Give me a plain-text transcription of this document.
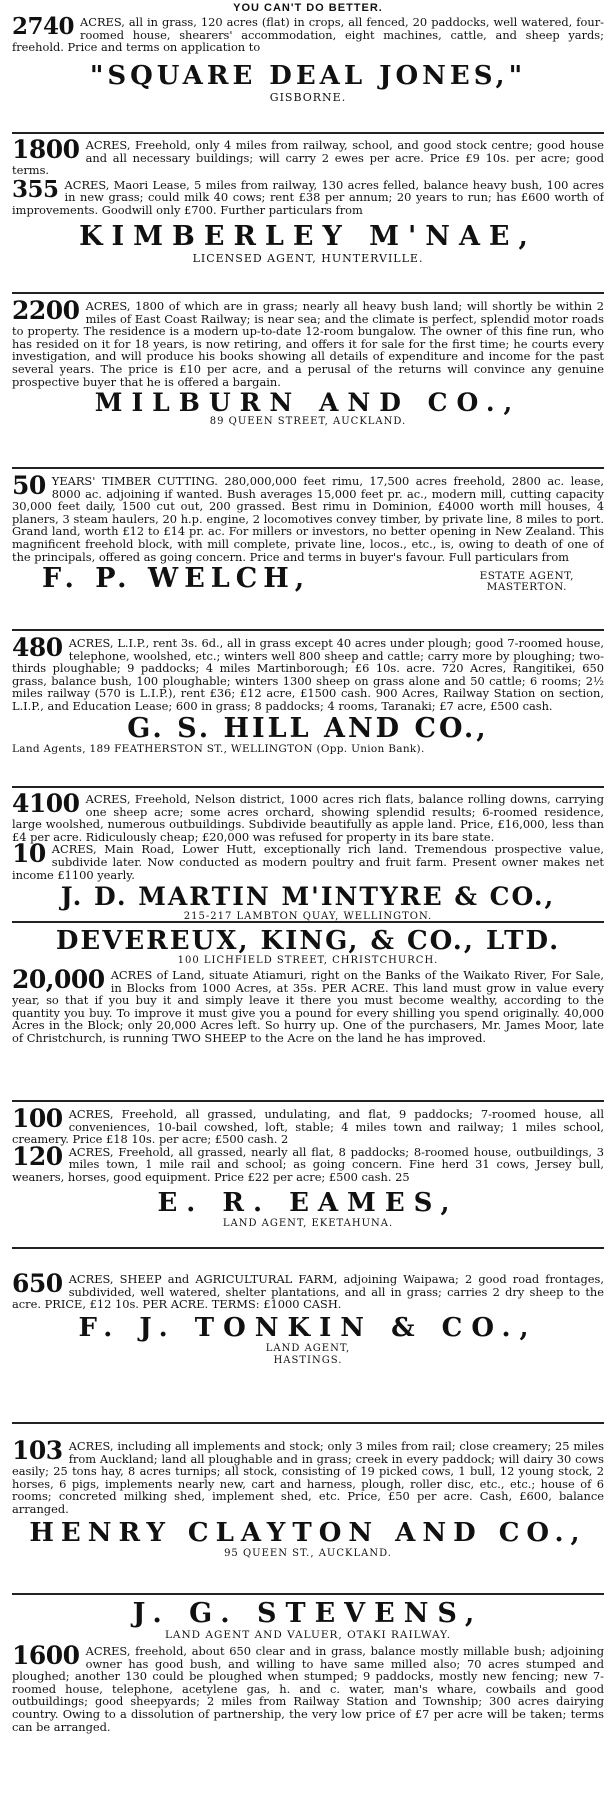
YOU CAN'T DO BETTER.
2740 ACRES, all in grass, 120 acres (flat) in crops, all fenced, 20 paddocks, well watered, four-roomed house, shearers' accommodation, eight machines, cattle, and sheep yards; freehold. Price and terms on application to
"SQUARE DEAL JONES,"
GISBORNE.
1800 ACRES, Freehold, only 4 miles from railway, school, and good stock centre; good house and all necessary buildings; will carry 2 ewes per acre. Price £9 10s. per acre; good terms.
355 ACRES, Maori Lease, 5 miles from railway, 130 acres felled, balance heavy bush, 100 acres in new grass; could milk 40 cows; rent £38 per annum; 20 years to run; has £600 worth of improvements. Goodwill only £700. Further particulars from
KIMBERLEY M'NAE,
LICENSED AGENT, HUNTERVILLE.
2200 ACRES, 1800 of which are in grass; nearly all heavy bush land; will shortly be within 2 miles of East Coast Railway; is near sea; and the climate is perfect, splendid motor roads to property. The residence is a modern up-to-date 12-room bungalow. The owner of this fine run, who has resided on it for 18 years, is now retiring, and offers it for sale for the first time; he courts every investigation, and will produce his books showing all details of expenditure and income for the past several years. The price is £10 per acre, and a perusal of the returns will convince any genuine prospective buyer that he is offered a bargain.
MILBURN AND CO.,
89 QUEEN STREET, AUCKLAND.
50 YEARS' TIMBER CUTTING. 280,000,000 feet rimu, 17,500 acres freehold, 2800 ac. lease, 8000 ac. adjoining if wanted. Bush averages 15,000 feet pr. ac., modern mill, cutting capacity 30,000 feet daily, 1500 cut out, 200 grassed. Best rimu in Dominion, £4000 worth mill houses, 4 planers, 3 steam haulers, 20 h.p. engine, 2 locomotives convey timber, by private line, 8 miles to port. Grand land, worth £12 to £14 pr. ac. For millers or investors, no better opening in New Zealand. This magnificent freehold block, with mill complete, private line, locos., etc., is, owing to death of one of the principals, offered as going concern. Price and terms in buyer's favour. Full particulars from
F. P. WELCH,	ESTATE AGENT,
MASTERTON.
480 ACRES, L.I.P., rent 3s. 6d., all in grass except 40 acres under plough; good 7-roomed house, telephone, woolshed, etc.; winters well 800 sheep and cattle; carry more by ploughing; two-thirds ploughable; 9 paddocks; 4 miles Martinborough; £6 10s. acre. 720 Acres, Rangitikei, 650 grass, balance bush, 100 ploughable; winters 1300 sheep on grass alone and 50 cattle; 6 rooms; 2½ miles railway (570 is L.I.P.), rent £36; £12 acre, £1500 cash. 900 Acres, Railway Station on section, L.I.P., and Education Lease; 600 in grass; 8 paddocks; 4 rooms, Taranaki; £7 acre, £500 cash.
G. S. HILL AND CO.,
Land Agents, 189 FEATHERSTON ST., WELLINGTON (Opp. Union Bank).
4100 ACRES, Freehold, Nelson district, 1000 acres rich flats, balance rolling downs, carrying one sheep acre; some acres orchard, showing splendid results; 6-roomed residence, large woolshed, numerous outbuildings. Subdivide beautifully as apple land. Price, £16,000, less than £4 per acre. Ridiculously cheap; £20,000 was refused for property in its bare state.
10 ACRES, Main Road, Lower Hutt, exceptionally rich land. Tremendous prospective value, subdivide later. Now conducted as modern poultry and fruit farm. Present owner makes net income £1100 yearly.
J. D. MARTIN M'INTYRE & CO.,
215-217 LAMBTON QUAY, WELLINGTON.
DEVEREUX, KING, & CO., LTD.
100 LICHFIELD STREET, CHRISTCHURCH.
20,000 ACRES of Land, situate Atiamuri, right on the Banks of the Waikato River, For Sale, in Blocks from 1000 Acres, at 35s. PER ACRE. This land must grow in value every year, so that if you buy it and simply leave it there you must become wealthy, according to the quantity you buy. To improve it must give you a pound for every shilling you spend originally. 40,000 Acres in the Block; only 20,000 Acres left. So hurry up. One of the purchasers, Mr. James Moor, late of Christchurch, is running TWO SHEEP to the Acre on the land he has improved.
100 ACRES, Freehold, all grassed, undulating, and flat, 9 paddocks; 7-roomed house, all conveniences, 10-bail cowshed, loft, stable; 4 miles town and railway; 1 miles school, creamery. Price £18 10s. per acre; £500 cash. 2
120 ACRES, Freehold, all grassed, nearly all flat, 8 paddocks; 8-roomed house, outbuildings, 3 miles town, 1 mile rail and school; as going concern. Fine herd 31 cows, Jersey bull, weaners, horses, good equipment. Price £22 per acre; £500 cash. 25
E. R. EAMES,
LAND AGENT, EKETAHUNA.
650 ACRES, SHEEP and AGRICULTURAL FARM, adjoining Waipawa; 2 good road frontages, subdivided, well watered, shelter plantations, and all in grass; carries 2 dry sheep to the acre. PRICE, £12 10s. PER ACRE. TERMS: £1000 CASH.
F. J. TONKIN & CO.,
LAND AGENT,
HASTINGS.
103 ACRES, including all implements and stock; only 3 miles from rail; close creamery; 25 miles from Auckland; land all ploughable and in grass; creek in every paddock; will dairy 30 cows easily; 25 tons hay, 8 acres turnips; all stock, consisting of 19 picked cows, 1 bull, 12 young stock, 2 horses, 6 pigs, implements nearly new, cart and harness, plough, roller disc, etc., etc.; house of 6 rooms; concreted milking shed, implement shed, etc. Price, £50 per acre. Cash, £600, balance arranged.
HENRY CLAYTON AND CO.,
95 QUEEN ST., AUCKLAND.
J. G. STEVENS,
LAND AGENT AND VALUER, OTAKI RAILWAY.
1600 ACRES, freehold, about 650 clear and in grass, balance mostly millable bush; adjoining owner has good bush, and willing to have same milled also; 70 acres stumped and ploughed; another 130 could be ploughed when stumped; 9 paddocks, mostly new fencing; new 7-roomed house, telephone, acetylene gas, h. and c. water, man's whare, cowbails and good outbuildings; good sheepyards; 2 miles from Railway Station and Township; 300 acres dairying country. Owing to a dissolution of partnership, the very low price of £7 per acre will be taken; terms can be arranged.
